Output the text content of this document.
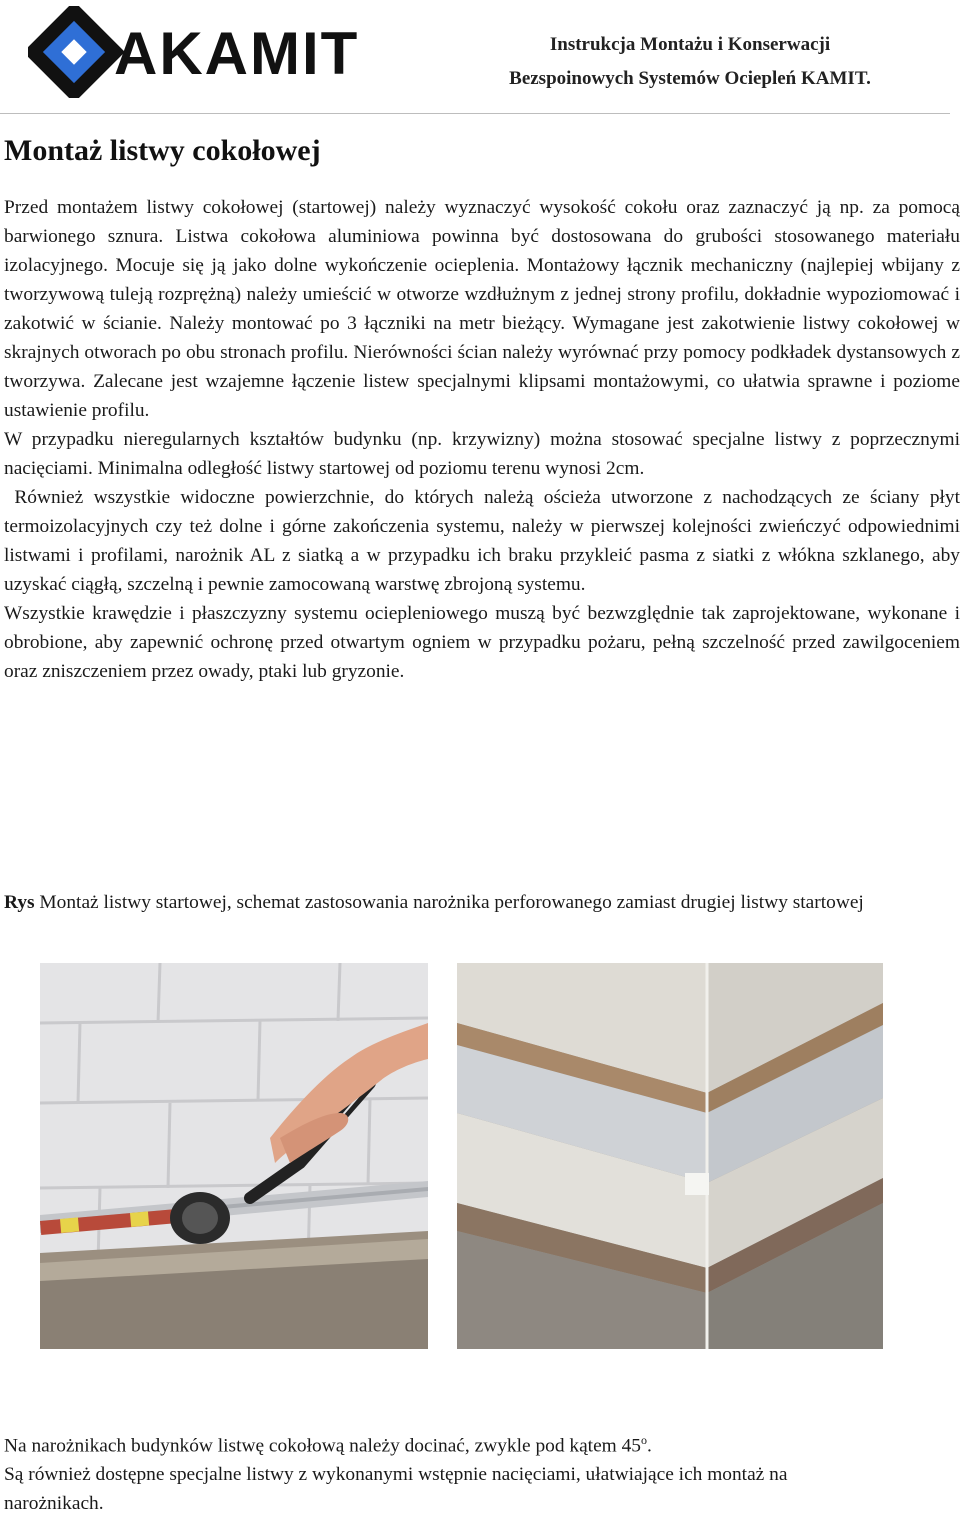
AKAMIT	Instrukcja Montażu i Konserwacji
Bezspoinowych Systemów Ociepleń KAMIT.
Montaż listwy cokołowej

Przed montażem listwy cokołowej (startowej) należy wyznaczyć wysokość cokołu oraz zaznaczyć ją np. za pomocą barwionego sznura. Listwa cokołowa aluminiowa powinna być dostosowana do grubości stosowanego materiału izolacyjnego. Mocuje się ją jako dolne wykończenie ocieplenia. Montażowy łącznik mechaniczny (najlepiej wbijany z tworzywową tuleją rozprężną) należy umieścić w otworze wzdłużnym z jednej strony profilu, dokładnie wypoziomować i zakotwić w ścianie. Należy montować po 3 łączniki na metr bieżący. Wymagane jest zakotwienie listwy cokołowej w skrajnych otworach po obu stronach profilu. Nierówności ścian należy wyrównać przy pomocy podkładek dystansowych z tworzywa. Zalecane jest wzajemne łączenie listew specjalnymi klipsami montażowymi, co ułatwia sprawne i poziome ustawienie profilu.

W przypadku nieregularnych kształtów budynku (np. krzywizny) można stosować specjalne listwy z poprzecznymi nacięciami. Minimalna odległość listwy startowej od poziomu terenu wynosi 2cm.

Również wszystkie widoczne powierzchnie, do których należą ościeża utworzone z nachodzących ze ściany płyt termoizolacyjnych czy też dolne i górne zakończenia systemu, należy w pierwszej kolejności zwieńczyć odpowiednimi listwami i profilami, narożnik AL z siatką a w przypadku ich braku przykleić pasma z siatki z włókna szklanego, aby uzyskać ciągłą, szczelną i pewnie zamocowaną warstwę zbrojoną systemu.

Wszystkie krawędzie i płaszczyzny systemu ociepleniowego muszą być bezwzględnie tak zaprojektowane, wykonane i obrobione, aby zapewnić ochronę przed otwartym ogniem w przypadku pożaru, pełną szczelność przed zawilgoceniem oraz zniszczeniem przez owady, ptaki lub gryzonie.

Rys Montaż listwy startowej, schemat zastosowania narożnika perforowanego zamiast drugiej listwy startowej

Na narożnikach budynków listwę cokołową należy docinać, zwykle pod kątem 45$^o$.

Są również dostępne specjalne listwy z wykonanymi wstępnie nacięciami, ułatwiające ich montaż na narożnikach.
